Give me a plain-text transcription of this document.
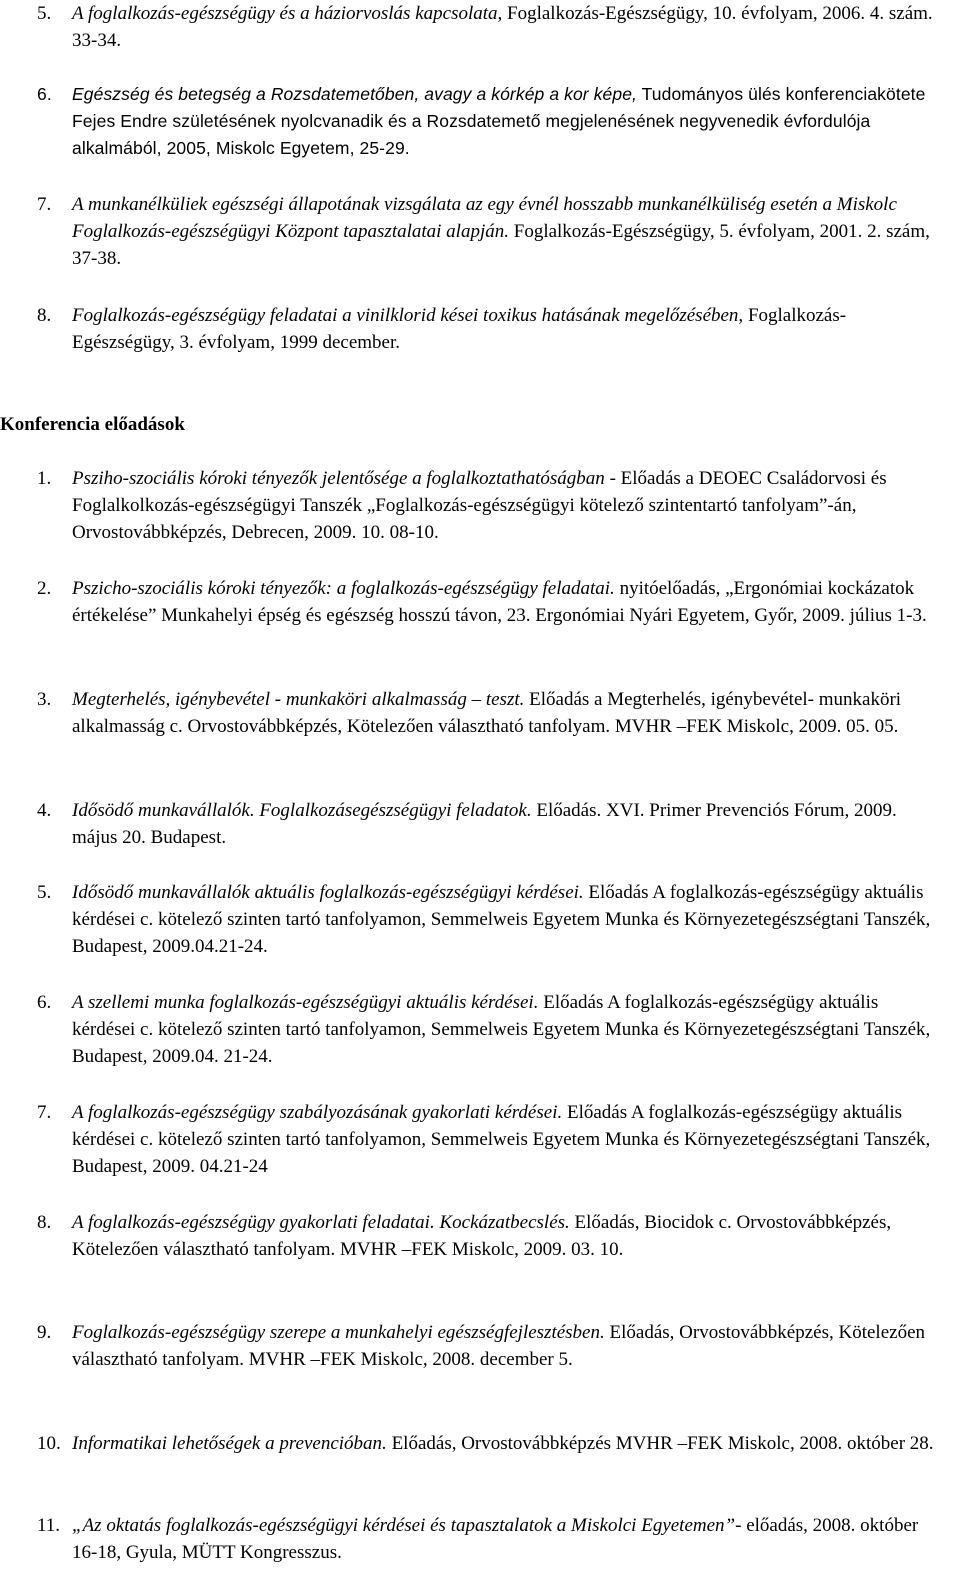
5. A foglalkozás-egészségügy és a háziorvoslás kapcsolata, Foglalkozás-Egészségügy, 10. évfolyam, 2006. 4. szám. 33-34.
6. Egészség és betegség a Rozsdatemetőben, avagy a kórkép a kor képe, Tudományos ülés konferenciakötete Fejes Endre születésének nyolcvanadik és a Rozsdatemető megjelenésének negyvenedik évfordulója alkalmából, 2005, Miskolc Egyetem, 25-29.
7. A munkanélküliek egészségi állapotának vizsgálata az egy évnél hosszabb munkanélküliség esetén a Miskolc Foglalkozás-egészségügyi Központ tapasztalatai alapján. Foglalkozás-Egészségügy, 5. évfolyam, 2001. 2. szám, 37-38.
8. Foglalkozás-egészségügy feladatai a vinilklorid kései toxikus hatásának megelőzésében, Foglalkozás- Egészségügy, 3. évfolyam, 1999 december.
Konferencia előadások
1. Psziho-szociális kóroki tényezők jelentősége a foglalkoztathatóságban - Előadás a DEOEC Családorvosi és Foglalkolkozás-egészségügyi Tanszék „Foglalkozás-egészségügyi kötelező szintentartó tanfolyam”-án, Orvostovábbképzés, Debrecen, 2009. 10. 08-10.
2. Pszicho-szociális kóroki tényezők: a foglalkozás-egészségügy feladatai. nyitóelőadás, „Ergonómiai kockázatok értékelése” Munkahelyi épség és egészség hosszú távon, 23. Ergonómiai Nyári Egyetem, Győr, 2009. július 1-3.
3. Megterhelés, igénybevétel - munkaköri alkalmasság – teszt. Előadás a Megterhelés, igénybevétel- munkaköri alkalmasság c. Orvostovábbképzés, Kötelezően választható tanfolyam. MVHR –FEK Miskolc, 2009. 05. 05.
4. Idősödő munkavállalók. Foglalkozásegészségügyi feladatok. Előadás. XVI. Primer Prevenciós Fórum, 2009. május 20. Budapest.
5. Idősödő munkavállalók aktuális foglalkozás-egészségügyi kérdései. Előadás A foglalkozás-egészségügy aktuális kérdései c. kötelező szinten tartó tanfolyamon, Semmelweis Egyetem Munka és Környezetegészségtani Tanszék, Budapest, 2009.04.21-24.
6. A szellemi munka foglalkozás-egészségügyi aktuális kérdései. Előadás A foglalkozás-egészségügy aktuális kérdései c. kötelező szinten tartó tanfolyamon, Semmelweis Egyetem Munka és Környezetegészségtani Tanszék, Budapest, 2009.04. 21-24.
7. A foglalkozás-egészségügy szabályozásának gyakorlati kérdései. Előadás A foglalkozás-egészségügy aktuális kérdései c. kötelező szinten tartó tanfolyamon, Semmelweis Egyetem Munka és Környezetegészségtani Tanszék, Budapest, 2009. 04.21-24
8. A foglalkozás-egészségügy gyakorlati feladatai. Kockázatbecslés. Előadás, Biocidok c. Orvostovábbképzés, Kötelezően választható tanfolyam. MVHR –FEK Miskolc, 2009. 03. 10.
9. Foglalkozás-egészségügy szerepe a munkahelyi egészségfejlesztésben. Előadás, Orvostovábbképzés, Kötelezően választható tanfolyam. MVHR –FEK Miskolc, 2008. december 5.
10. Informatikai lehetőségek a prevencióban. Előadás, Orvostovábbképzés MVHR –FEK Miskolc, 2008. október 28.
11. „Az oktatás foglalkozás-egészségügyi kérdései és tapasztalatok a Miskolci Egyetemen”- előadás, 2008. október 16-18, Gyula, MÜTT Kongresszus.
